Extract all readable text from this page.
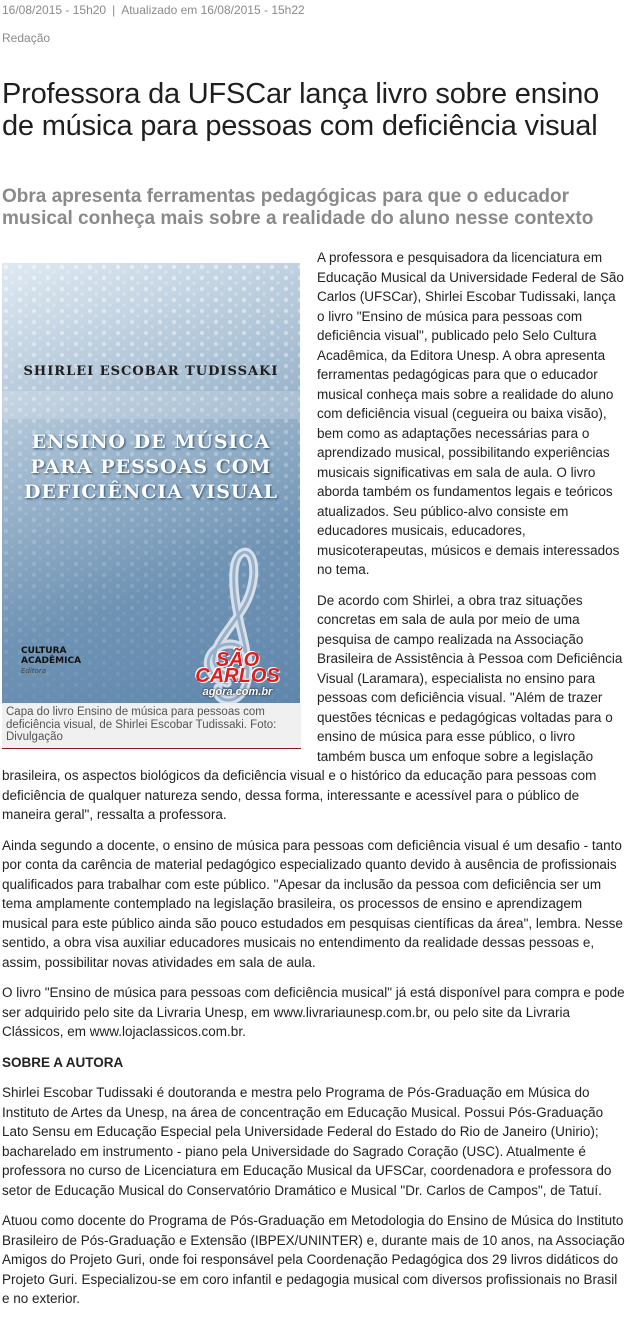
16/08/2015 - 15h20 | Atualizado em 16/08/2015 - 15h22
Redação
Professora da UFSCar lança livro sobre ensino de música para pessoas com deficiência visual
Obra apresenta ferramentas pedagógicas para que o educador musical conheça mais sobre a realidade do aluno nesse contexto
SHIRLEI ESCOBAR TUDISSAKI
ENSINO DE MÚSICA
PARA PESSOAS COM
DEFICIÊNCIA VISUAL
CULTURA
ACADÊMICA
Editora	SÃO CARLOS
agora.com.br
Capa do livro Ensino de música para pessoas com deficiência visual, de Shirlei Escobar Tudissaki. Foto: Divulgação

A professora e pesquisadora da licenciatura em Educação Musical da Universidade Federal de São Carlos (UFSCar), Shirlei Escobar Tudissaki, lança o livro "Ensino de música para pessoas com deficiência visual", publicado pelo Selo Cultura Acadêmica, da Editora Unesp. A obra apresenta ferramentas pedagógicas para que o educador musical conheça mais sobre a realidade do aluno com deficiência visual (cegueira ou baixa visão), bem como as adaptações necessárias para o aprendizado musical, possibilitando experiências musicais significativas em sala de aula. O livro aborda também os fundamentos legais e teóricos atualizados. Seu público-alvo consiste em educadores musicais, educadores, musicoterapeutas, músicos e demais interessados no tema.

De acordo com Shirlei, a obra traz situações concretas em sala de aula por meio de uma pesquisa de campo realizada na Associação Brasileira de Assistência à Pessoa com Deficiência Visual (Laramara), especialista no ensino para pessoas com deficiência visual. "Além de trazer questões técnicas e pedagógicas voltadas para o ensino de música para esse público, o livro também busca um enfoque sobre a legislação brasileira, os aspectos biológicos da deficiência visual e o histórico da educação para pessoas com deficiência de qualquer natureza sendo, dessa forma, interessante e acessível para o público de maneira geral", ressalta a professora.

Ainda segundo a docente, o ensino de música para pessoas com deficiência visual é um desafio - tanto por conta da carência de material pedagógico especializado quanto devido à ausência de profissionais qualificados para trabalhar com este público. "Apesar da inclusão da pessoa com deficiência ser um tema amplamente contemplado na legislação brasileira, os processos de ensino e aprendizagem musical para este público ainda são pouco estudados em pesquisas científicas da área", lembra. Nesse sentido, a obra visa auxiliar educadores musicais no entendimento da realidade dessas pessoas e, assim, possibilitar novas atividades em sala de aula.

O livro "Ensino de música para pessoas com deficiência musical" já está disponível para compra e pode ser adquirido pelo site da Livraria Unesp, em www.livrariaunesp.com.br, ou pelo site da Livraria Clássicos, em www.lojaclassicos.com.br.

SOBRE A AUTORA

Shirlei Escobar Tudissaki é doutoranda e mestra pelo Programa de Pós-Graduação em Música do Instituto de Artes da Unesp, na área de concentração em Educação Musical. Possui Pós-Graduação Lato Sensu em Educação Especial pela Universidade Federal do Estado do Rio de Janeiro (Unirio); bacharelado em instrumento - piano pela Universidade do Sagrado Coração (USC). Atualmente é professora no curso de Licenciatura em Educação Musical da UFSCar, coordenadora e professora do setor de Educação Musical do Conservatório Dramático e Musical "Dr. Carlos de Campos", de Tatuí.

Atuou como docente do Programa de Pós-Graduação em Metodologia do Ensino de Música do Instituto Brasileiro de Pós-Graduação e Extensão (IBPEX/UNINTER) e, durante mais de 10 anos, na Associação Amigos do Projeto Guri, onde foi responsável pela Coordenação Pedagógica dos 29 livros didáticos do Projeto Guri. Especializou-se em coro infantil e pedagogia musical com diversos profissionais no Brasil e no exterior.
